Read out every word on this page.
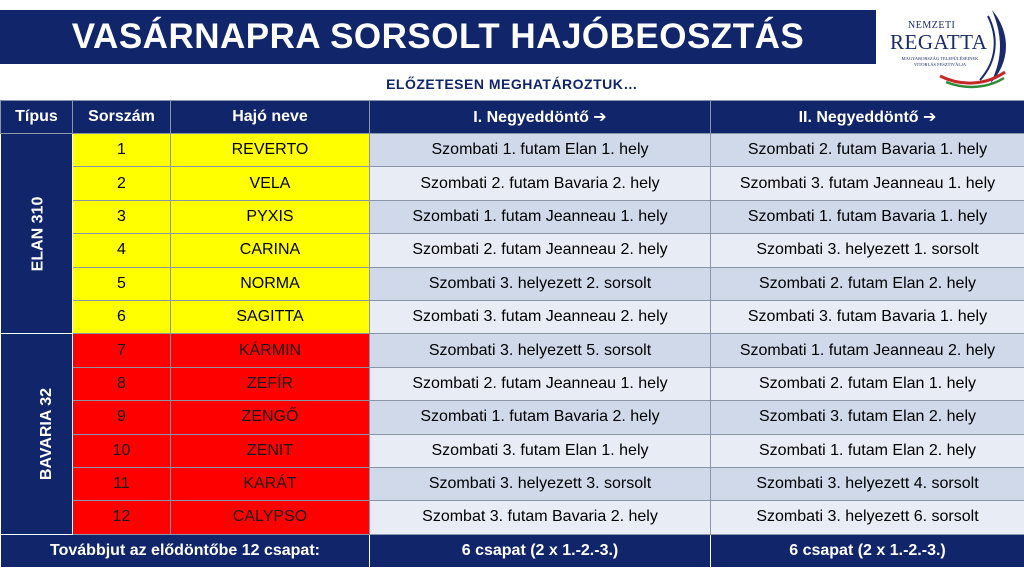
VASÁRNAPRA SORSOLT HAJÓBEOSZTÁS	NEMZETI
REGATTA
MAGYARORSZÁG TELEPÜLÉSEINEK VITORLÁS FESZTIVÁLJA
ELŐZETESEN MEGHATÁROZTUK…
Típus	Sorszám	Hajó neve	I. Negyeddöntő ➔	II. Negyeddöntő ➔
ELAN 310	1	REVERTO	Szombati 1. futam Elan 1. hely	Szombati 2. futam Bavaria 1. hely
	2	VELA	Szombati 2. futam Bavaria 2. hely	Szombati 3. futam Jeanneau 1. hely
	3	PYXIS	Szombati 1. futam Jeanneau 1. hely	Szombati 1. futam Bavaria 1. hely
	4	CARINA	Szombati 2. futam Jeanneau 2. hely	Szombati 3. helyezett 1. sorsolt
	5	NORMA	Szombati 3. helyezett 2. sorsolt	Szombati 2. futam Elan 2. hely
	6	SAGITTA	Szombati 3. futam Jeanneau 2. hely	Szombati 3. futam Bavaria 1. hely
BAVARIA 32	7	KÁRMIN	Szombati 3. helyezett 5. sorsolt	Szombati 1. futam Jeanneau 2. hely
	8	ZEFÍR	Szombati 2. futam Jeanneau 1. hely	Szombati 2. futam Elan 1. hely
	9	ZENGŐ	Szombati 1. futam Bavaria 2. hely	Szombati 3. futam Elan 2. hely
	10	ZENIT	Szombati 3. futam Elan 1. hely	Szombati 1. futam Elan 2. hely
	11	KARÁT	Szombati 3. helyezett 3. sorsolt	Szombati 3. helyezett 4. sorsolt
	12	CALYPSO	Szombat 3. futam Bavaria 2. hely	Szombati 3. helyezett 6. sorsolt
Továbbjut az elődöntőbe 12 csapat:			6 csapat (2 x 1.-2.-3.)	6 csapat (2 x 1.-2.-3.)
